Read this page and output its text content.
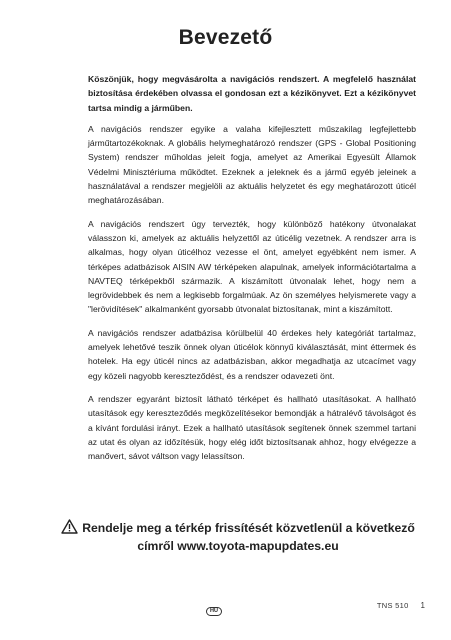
Bevezető

Köszönjük, hogy megvásárolta a navigációs rendszert. A megfelelő használat biztosítása érdekében olvassa el gondosan ezt a kézikönyvet. Ezt a kézikönyvet tartsa mindig a járműben.

A navigációs rendszer egyike a valaha kifejlesztett műszakilag legfejlettebb járműtartozékoknak. A globális helymeghatározó rendszer (GPS - Global Positioning System) rendszer műholdas jeleit fogja, amelyet az Amerikai Egyesült Államok Védelmi Minisztériuma működtet. Ezeknek a jeleknek és a jármű egyéb jeleinek a használatával a rendszer megjelöli az aktuális helyzetet és egy meghatározott úticél meghatározásában.

A navigációs rendszert úgy tervezték, hogy különböző hatékony útvonalakat válasszon ki, amelyek az aktuális helyzettől az úticélig vezetnek. A rendszer arra is alkalmas, hogy olyan úticélhoz vezesse el önt, amelyet egyébként nem ismer. A térképes adatbázisok AISIN AW térképeken alapulnak, amelyek információtartalma a NAVTEQ térképekből származik. A kiszámított útvonalak lehet, hogy nem a legrövidebbek és nem a legkisebb forgalmúak. Az ön személyes helyismerete vagy a "lerövidítések" alkalmanként gyorsabb útvonalat biztosítanak, mint a kiszámított.

A navigációs rendszer adatbázisa körülbelül 40 érdekes hely kategóriát tartalmaz, amelyek lehetővé teszik önnek olyan úticélok könnyű kiválasztását, mint éttermek és hotelek. Ha egy úticél nincs az adatbázisban, akkor megadhatja az utcacímet vagy egy közeli nagyobb kereszteződést, és a rendszer odavezeti önt.

A rendszer egyaránt biztosít látható térképet és hallható utasításokat. A hallható utasítások egy kereszteződés megközelítésekor bemondják a hátralévő távolságot és a kívánt fordulási irányt. Ezek a hallható utasítások segítenek önnek szemmel tartani az utat és olyan az időzítésük, hogy elég időt biztosítsanak ahhoz, hogy elvégezze a manővert, sávot váltson vagy lelassítson.

Rendelje meg a térkép frissítését közvetlenül a következő címről www.toyota-mapupdates.eu
HU
TNS 510 1
